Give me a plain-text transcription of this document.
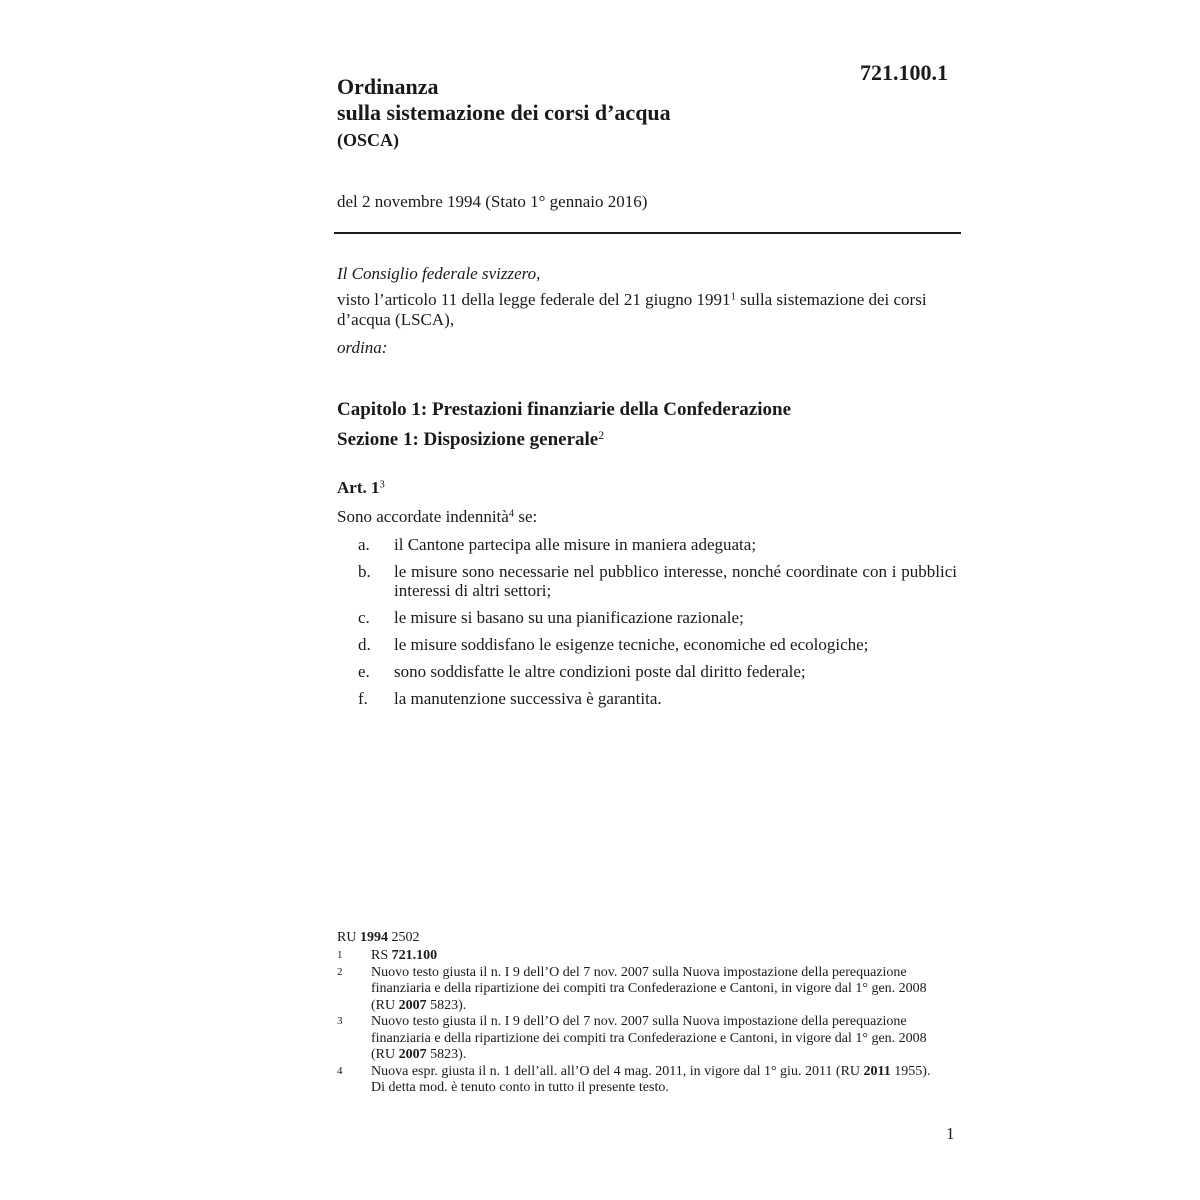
721.100.1
Ordinanza
sulla sistemazione dei corsi d’acqua
(OSCA)
del 2 novembre 1994 (Stato 1° gennaio 2016)
Il Consiglio federale svizzero,
visto l’articolo 11 della legge federale del 21 giugno 1991$^1$ sulla sistemazione dei corsi d’acqua (LSCA),
ordina:
Capitolo 1: Prestazioni finanziarie della Confederazione
Sezione 1: Disposizione generale$^2$
Art. $1^3$
Sono accordate indennità$^4$ se:
a.	il Cantone partecipa alle misure in maniera adeguata;
b.	le misure sono necessarie nel pubblico interesse, nonché coordinate con i pubblici interessi di altri settori;
c.	le misure si basano su una pianificazione razionale;
d.	le misure soddisfano le esigenze tecniche, economiche ed ecologiche;
e.	sono soddisfatte le altre condizioni poste dal diritto federale;
f.	la manutenzione successiva è garantita.
RU 1994 2502
1	RS 721.100
2	Nuovo testo giusta il n. I 9 dell’O del 7 nov. 2007 sulla Nuova impostazione della perequazione finanziaria e della ripartizione dei compiti tra Confederazione e Cantoni, in vigore dal 1° gen. 2008 (RU 2007 5823).
3	Nuovo testo giusta il n. I 9 dell’O del 7 nov. 2007 sulla Nuova impostazione della perequazione finanziaria e della ripartizione dei compiti tra Confederazione e Cantoni, in vigore dal 1° gen. 2008 (RU 2007 5823).
4	Nuova espr. giusta il n. 1 dell’all. all’O del 4 mag. 2011, in vigore dal 1° giu. 2011 (RU 2011 1955). Di detta mod. è tenuto conto in tutto il presente testo.
1
